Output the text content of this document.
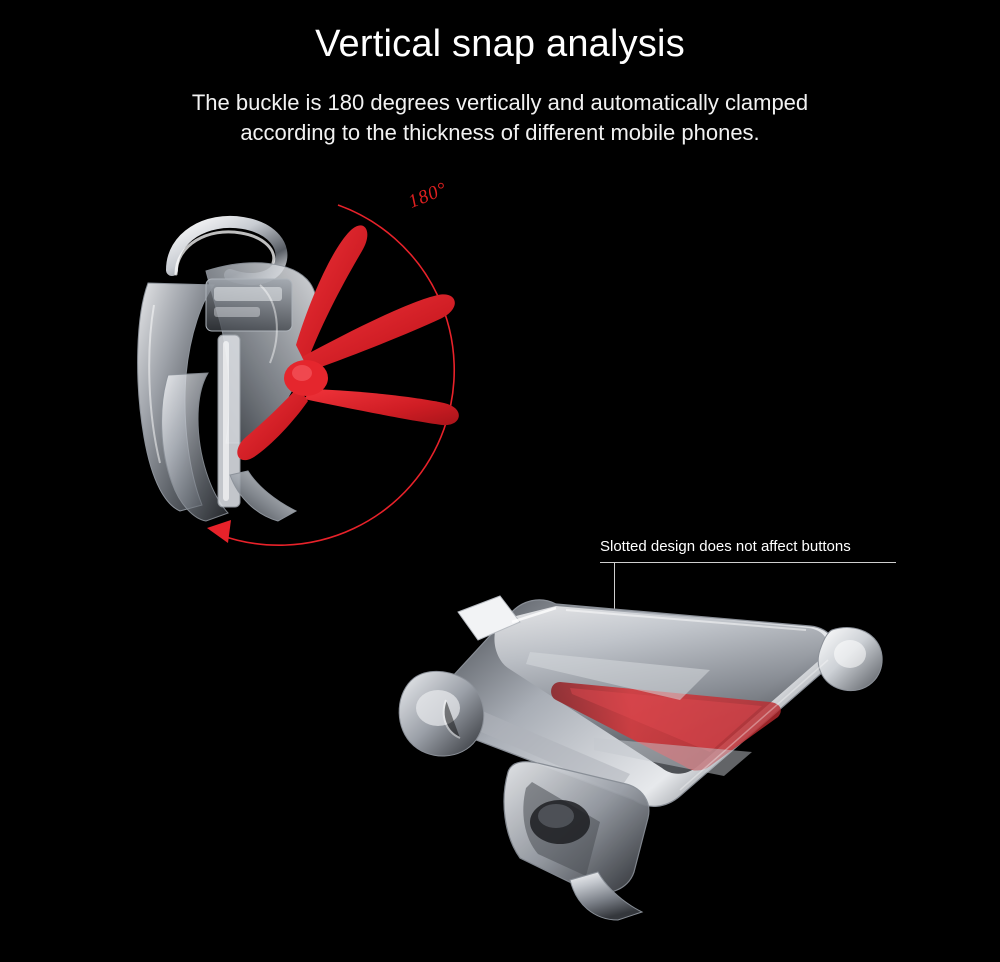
Vertical snap analysis
The buckle is 180 degrees vertically and automatically clamped
according to the thickness of different mobile phones.
180°
Slotted design does not affect buttons
